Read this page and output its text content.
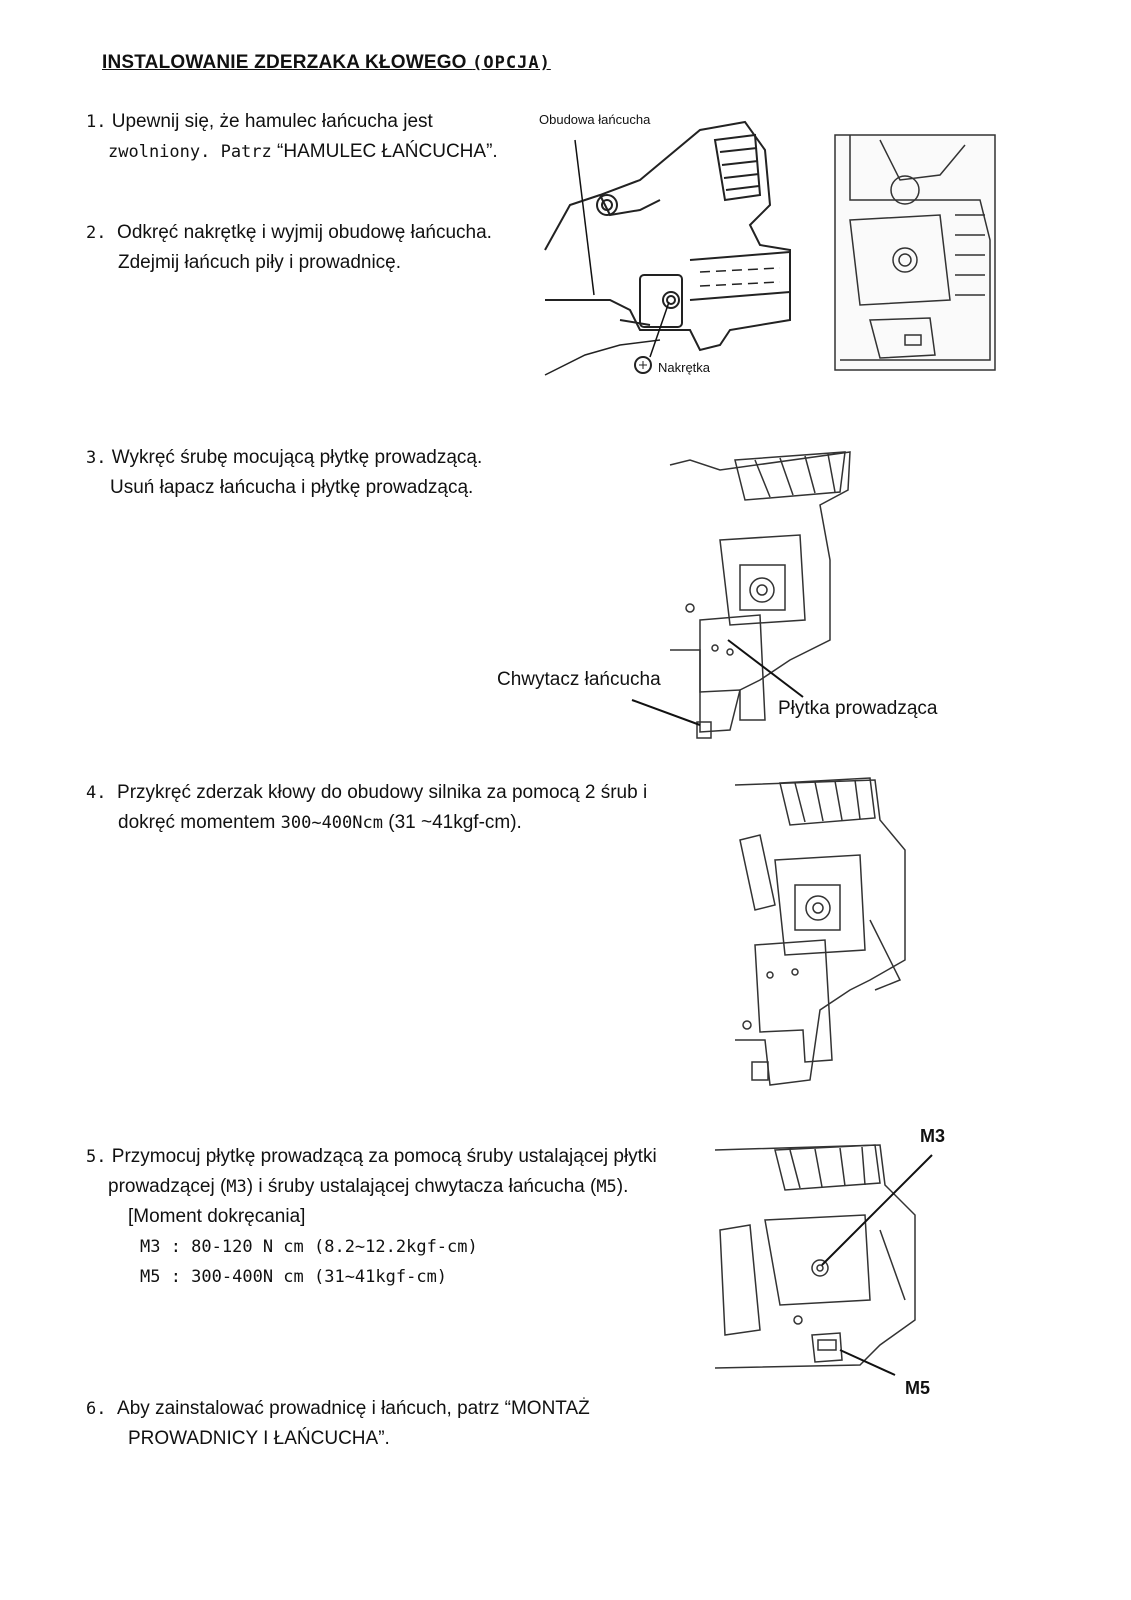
INSTALOWANIE ZDERZAKA KŁOWEGO (OPCJA)
1. Upewnij się, że hamulec łańcucha jest
zwolniony. Patrz “HAMULEC ŁAŃCUCHA”.
2. Odkręć nakrętkę i wyjmij obudowę łańcucha.
Zdejmij łańcuch piły i prowadnicę.
3. Wykręć śrubę mocującą płytkę prowadzącą.
Usuń łapacz łańcucha i płytkę prowadzącą.
4. Przykręć zderzak kłowy do obudowy silnika za pomocą 2 śrub i
dokręć momentem 300~400Ncm (31 ~41kgf-cm).
5. Przymocuj płytkę prowadzącą za pomocą śruby ustalającej płytki
prowadzącej (M3) i śruby ustalającej chwytacza łańcucha (M5).
[Moment dokręcania]
M3 : 80-120 N cm (8.2~12.2kgf-cm)
M5 : 300-400N cm (31~41kgf-cm)
6. Aby zainstalować prowadnicę i łańcuch, patrz “MONTAŻ
PROWADNICY I ŁAŃCUCHA”.
Obudowa łańcucha
Nakrętka
Chwytacz łańcucha
Płytka prowadząca
M3
M5
